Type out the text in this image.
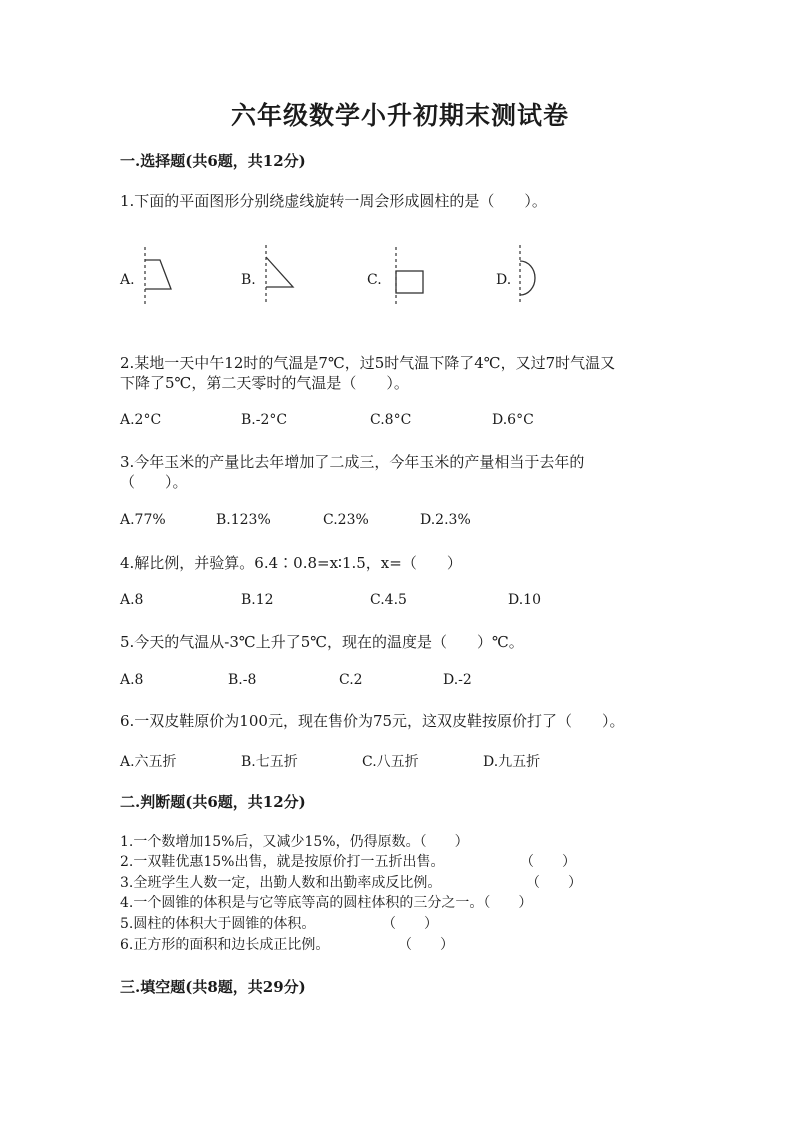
六年级数学小升初期末测试卷
一.选择题(共6题，共12分)
1.下面的平面图形分别绕虚线旋转一周会形成圆柱的是（　　）。
A.	B.	C.	D.
2.某地一天中午12时的气温是7℃，过5时气温下降了4℃，又过7时气温又
下降了5℃，第二天零时的气温是（　　）。
A.2°C	B.-2°C	C.8°C	D.6°C
3.今年玉米的产量比去年增加了二成三，今年玉米的产量相当于去年的
（　　）。
A.77%	B.123%	C.23%	D.2.3%
4.解比例，并验算。6.4∶0.8=x∶1.5，x=（　　）
A.8	B.12	C.4.5	D.10
5.今天的气温从-3℃上升了5℃，现在的温度是（　　）℃。
A.8	B.-8	C.2	D.-2
6.一双皮鞋原价为100元，现在售价为75元，这双皮鞋按原价打了（　　）。
A.六五折	B.七五折	C.八五折	D.九五折
二.判断题(共6题，共12分)
1.一个数增加15%后，又减少15%，仍得原数。（　　）
2.一双鞋优惠15%出售，就是按原价打一五折出售。	（　　）
3.全班学生人数一定，出勤人数和出勤率成反比例。	（　　）
4.一个圆锥的体积是与它等底等高的圆柱体积的三分之一。（　　）
5.圆柱的体积大于圆锥的体积。	（　　）
6.正方形的面积和边长成正比例。	（　　）
三.填空题(共8题，共29分)
